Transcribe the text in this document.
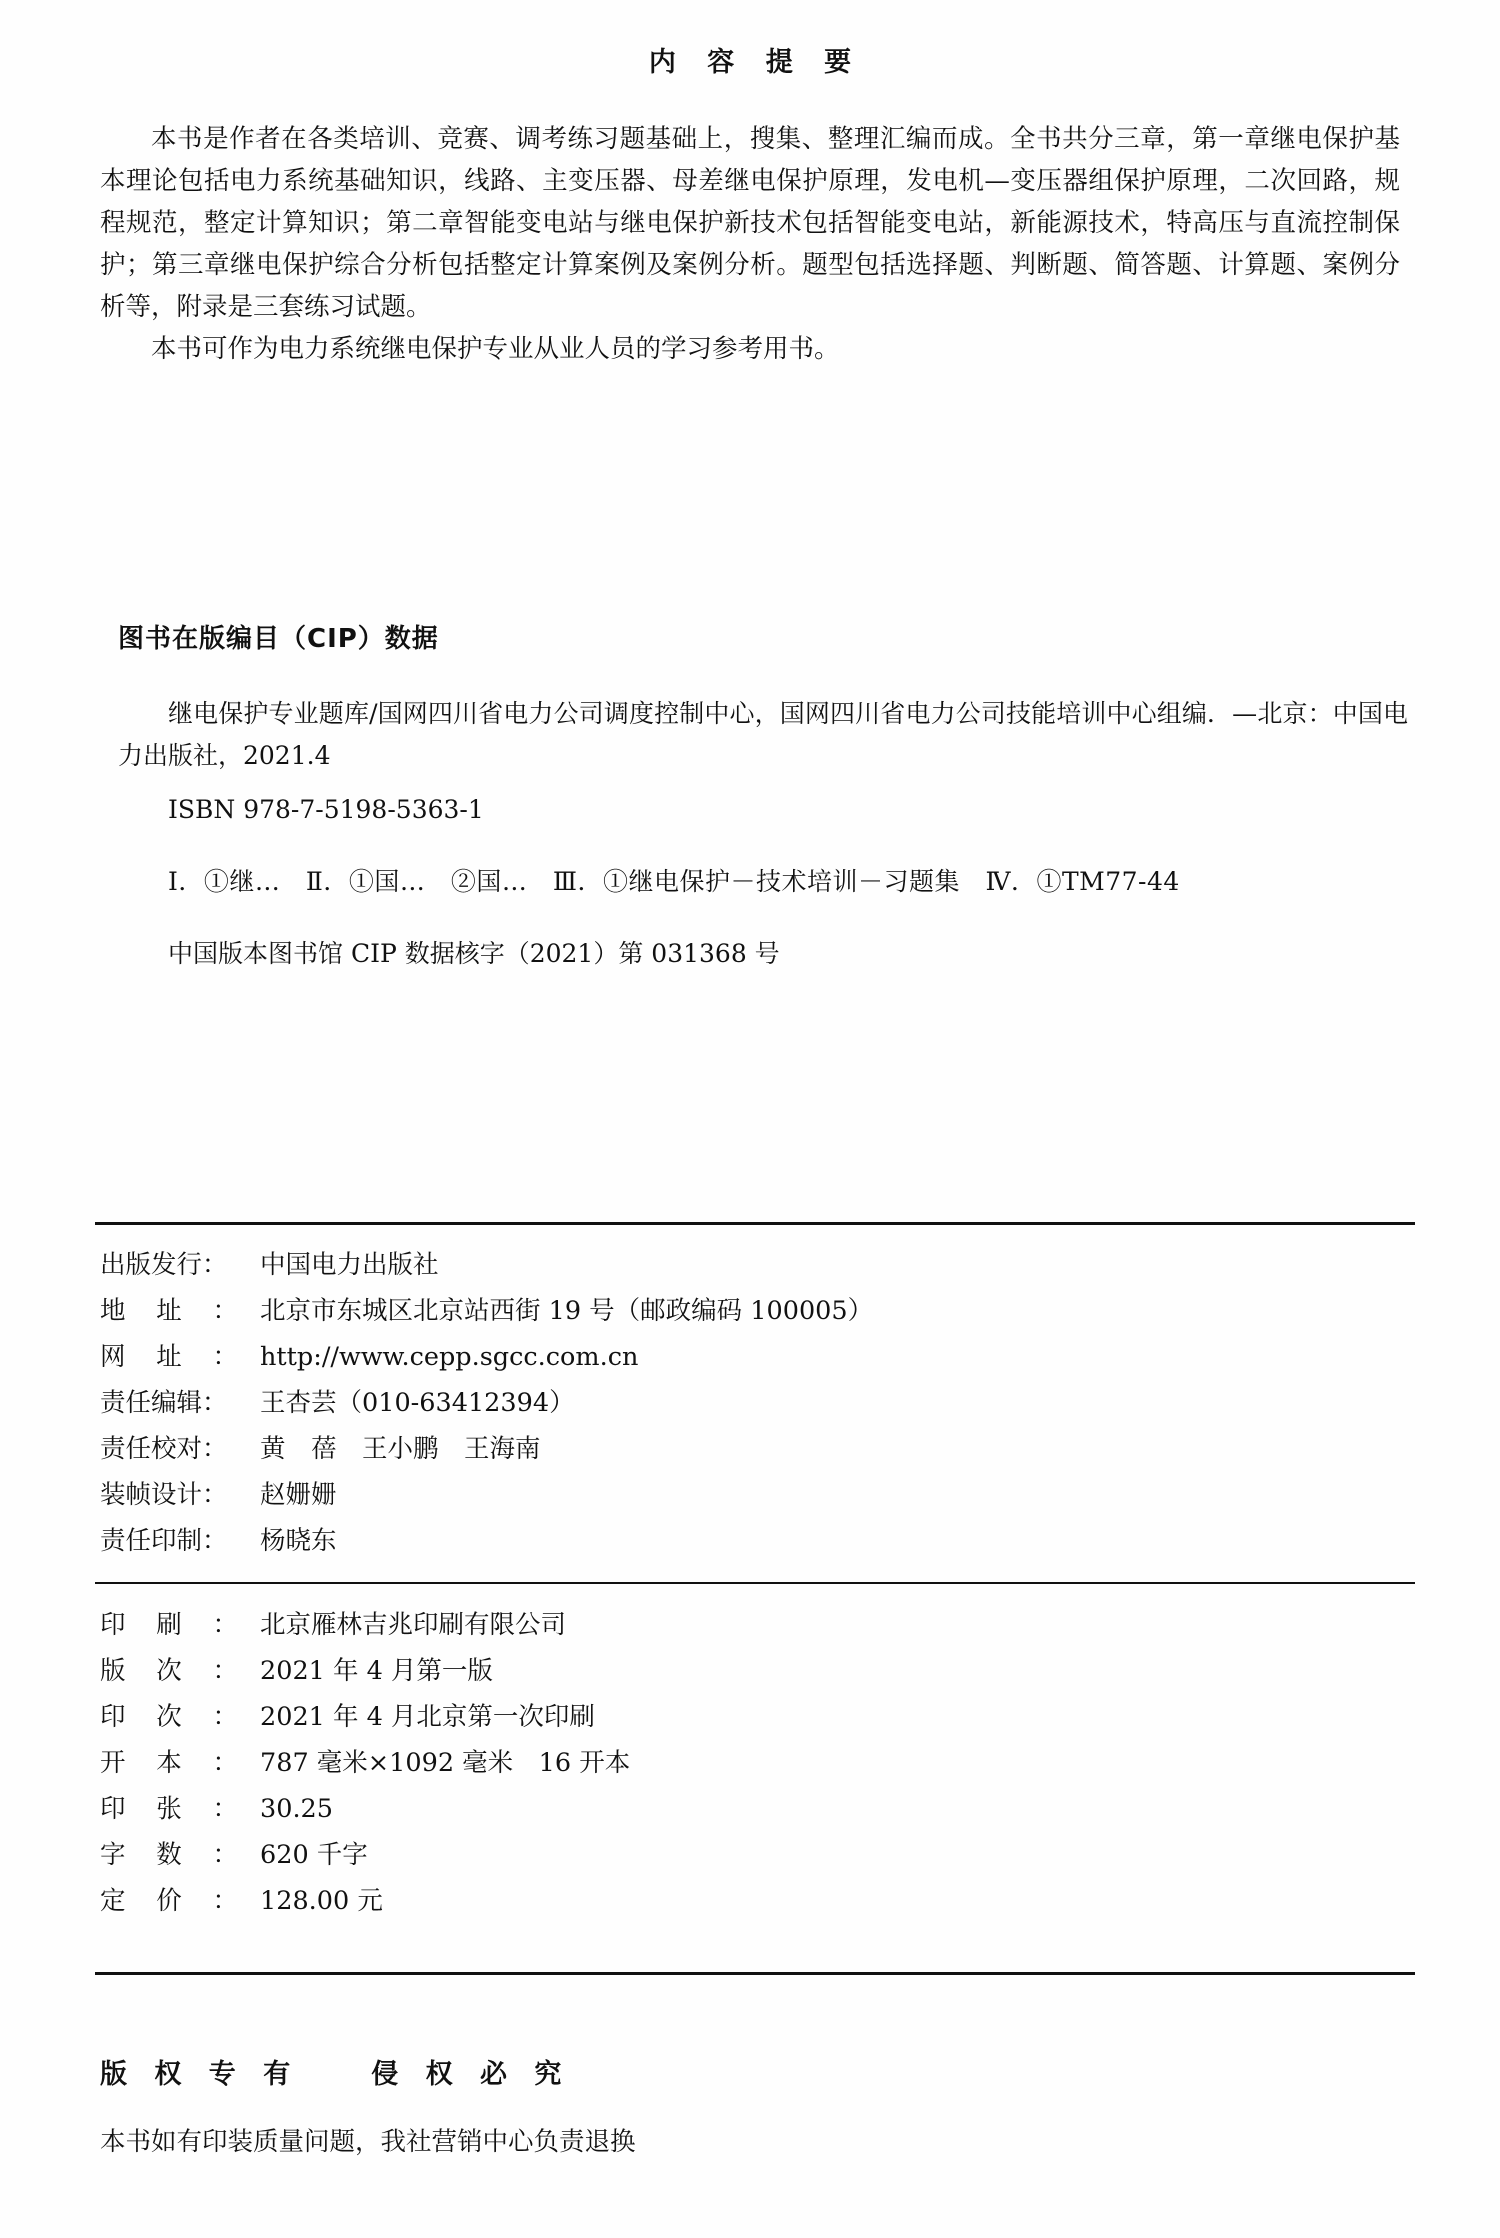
内 容 提 要

本书是作者在各类培训、竞赛、调考练习题基础上，搜集、整理汇编而成。全书共分三章，第一章继电保护基本理论包括电力系统基础知识，线路、主变压器、母差继电保护原理，发电机—变压器组保护原理，二次回路，规程规范，整定计算知识；第二章智能变电站与继电保护新技术包括智能变电站，新能源技术，特高压与直流控制保护；第三章继电保护综合分析包括整定计算案例及案例分析。题型包括选择题、判断题、简答题、计算题、案例分析等，附录是三套练习试题。

本书可作为电力系统继电保护专业从业人员的学习参考用书。

图书在版编目（CIP）数据
继电保护专业题库/国网四川省电力公司调度控制中心，国网四川省电力公司技能培训中心组编．—北京：中国电力出版社，2021.4
ISBN 978-7-5198-5363-1
Ⅰ．①继…　Ⅱ．①国…　②国…　Ⅲ．①继电保护－技术培训－习题集　Ⅳ．①TM77-44
中国版本图书馆 CIP 数据核字（2021）第 031368 号
出版发行：	中国电力出版社
地 址 ： 北京市东城区北京站西街 19 号（邮政编码 100005）
网 址 ： http://www.cepp.sgcc.com.cn
责任编辑：	王杏芸（010-63412394）
责任校对：	黄　蓓　王小鹏　王海南
装帧设计：	赵姗姗
责任印制：	杨晓东
印 刷 ： 北京雁林吉兆印刷有限公司
版 次 ： 2021 年 4 月第一版
印 次 ： 2021 年 4 月北京第一次印刷
开 本 ： 787 毫米×1092 毫米　16 开本
印 张 ： 30.25
字 数 ： 620 千字
定 价 ： 128.00 元
版 权 专 有　　侵 权 必 究
本书如有印装质量问题，我社营销中心负责退换
